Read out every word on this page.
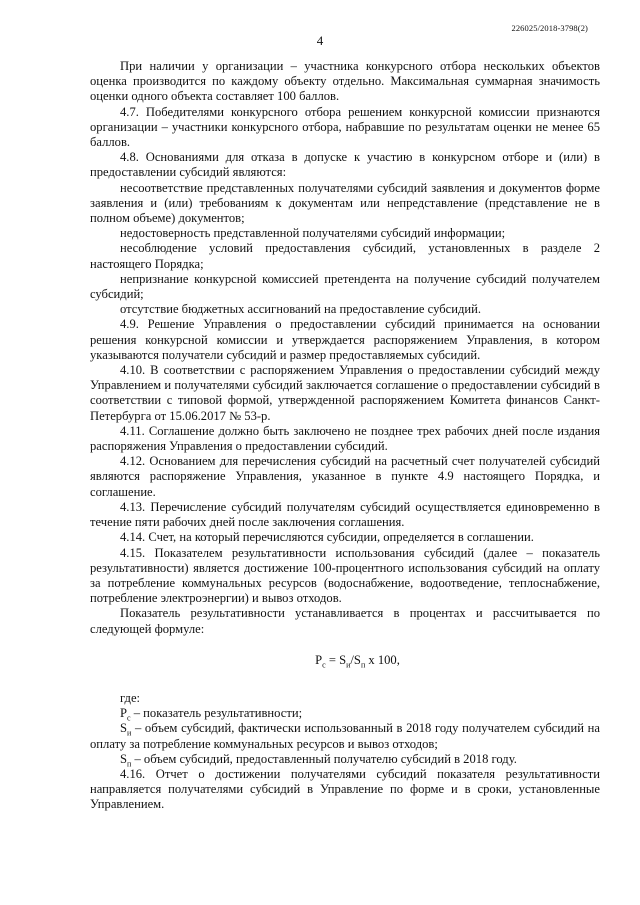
226025/2018-3798(2)
4

При наличии у организации – участника конкурсного отбора нескольких объектов оценка производится по каждому объекту отдельно. Максимальная суммарная значимость оценки одного объекта составляет 100 баллов.

4.7. Победителями конкурсного отбора решением конкурсной комиссии признаются организации – участники конкурсного отбора, набравшие по результатам оценки не менее 65 баллов.

4.8. Основаниями для отказа в допуске к участию в конкурсном отборе и (или) в предоставлении субсидий являются:

несоответствие представленных получателями субсидий заявления и документов форме заявления и (или) требованиям к документам или непредставление (представление не в полном объеме) документов;

недостоверность представленной получателями субсидий информации;

несоблюдение условий предоставления субсидий, установленных в разделе 2 настоящего Порядка;

непризнание конкурсной комиссией претендента на получение субсидий получателем субсидий;

отсутствие бюджетных ассигнований на предоставление субсидий.

4.9. Решение Управления о предоставлении субсидий принимается на основании решения конкурсной комиссии и утверждается распоряжением Управления, в котором указываются получатели субсидий и размер предоставляемых субсидий.

4.10. В соответствии с распоряжением Управления о предоставлении субсидий между Управлением и получателями субсидий заключается соглашение о предоставлении субсидий в соответствии с типовой формой, утвержденной распоряжением Комитета финансов Санкт-Петербурга от 15.06.2017 № 53-р.

4.11. Соглашение должно быть заключено не позднее трех рабочих дней после издания распоряжения Управления о предоставлении субсидий.

4.12. Основанием для перечисления субсидий на расчетный счет получателей субсидий являются распоряжение Управления, указанное в пункте 4.9 настоящего Порядка, и соглашение.

4.13. Перечисление субсидий получателям субсидий осуществляется единовременно в течение пяти рабочих дней после заключения соглашения.

4.14. Счет, на который перечисляются субсидии, определяется в соглашении.

4.15. Показателем результативности использования субсидий (далее – показатель результативности) является достижение 100-процентного использования субсидий на оплату за потребление коммунальных ресурсов (водоснабжение, водоотведение, теплоснабжение, потребление электроэнергии) и вывоз отходов.

Показатель результативности устанавливается в процентах и рассчитывается по следующей формуле:

$P_c = S_и/S_п$ х 100,

где:

$P_c$ – показатель результативности;

$S_и$ – объем субсидий, фактически использованный в 2018 году получателем субсидий на оплату за потребление коммунальных ресурсов и вывоз отходов;

$S_п$ – объем субсидий, предоставленный получателю субсидий в 2018 году.

4.16. Отчет о достижении получателями субсидий показателя результативности направляется получателями субсидий в Управление по форме и в сроки, установленные Управлением.
